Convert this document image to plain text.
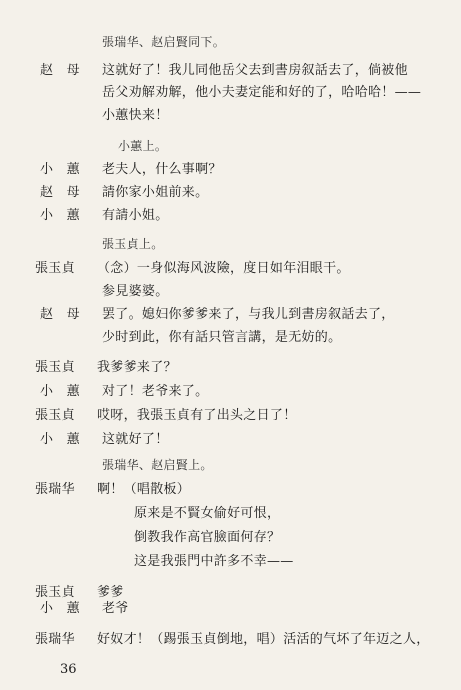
張瑞华、赵启賢同下。
赵　母 这就好了！我儿同他岳父去到書房叙話去了，倘被他
岳父劝解劝解，他小夫妻定能和好的了，哈哈哈！——
小蕙快来！
小蕙上。
小　蕙 老夫人，什么事啊？
赵　母 請你家小姐前来。
小　蕙 有請小姐。
張玉貞上。
張玉貞 （念）一身似海风波險，度日如年泪眼干。
参見婆婆。
赵　母 罢了。媳妇你爹爹来了，与我儿到書房叙話去了，
少时到此，你有話只管言講，是无妨的。
張玉貞 我爹爹来了？
小　蕙 对了！老爷来了。
張玉貞 哎呀，我張玉貞有了出头之日了！
小　蕙 这就好了！
張瑞华、赵启賢上。
張瑞华 啊！（唱散板）
原来是不賢女偷好可恨，
倒教我作高官臉面何存？
这是我張門中許多不幸——
張玉貞 爹爹
小　蕙 老爷
張瑞华 好奴才！（踢張玉貞倒地，唱）活活的气坏了年迈之人，
36
